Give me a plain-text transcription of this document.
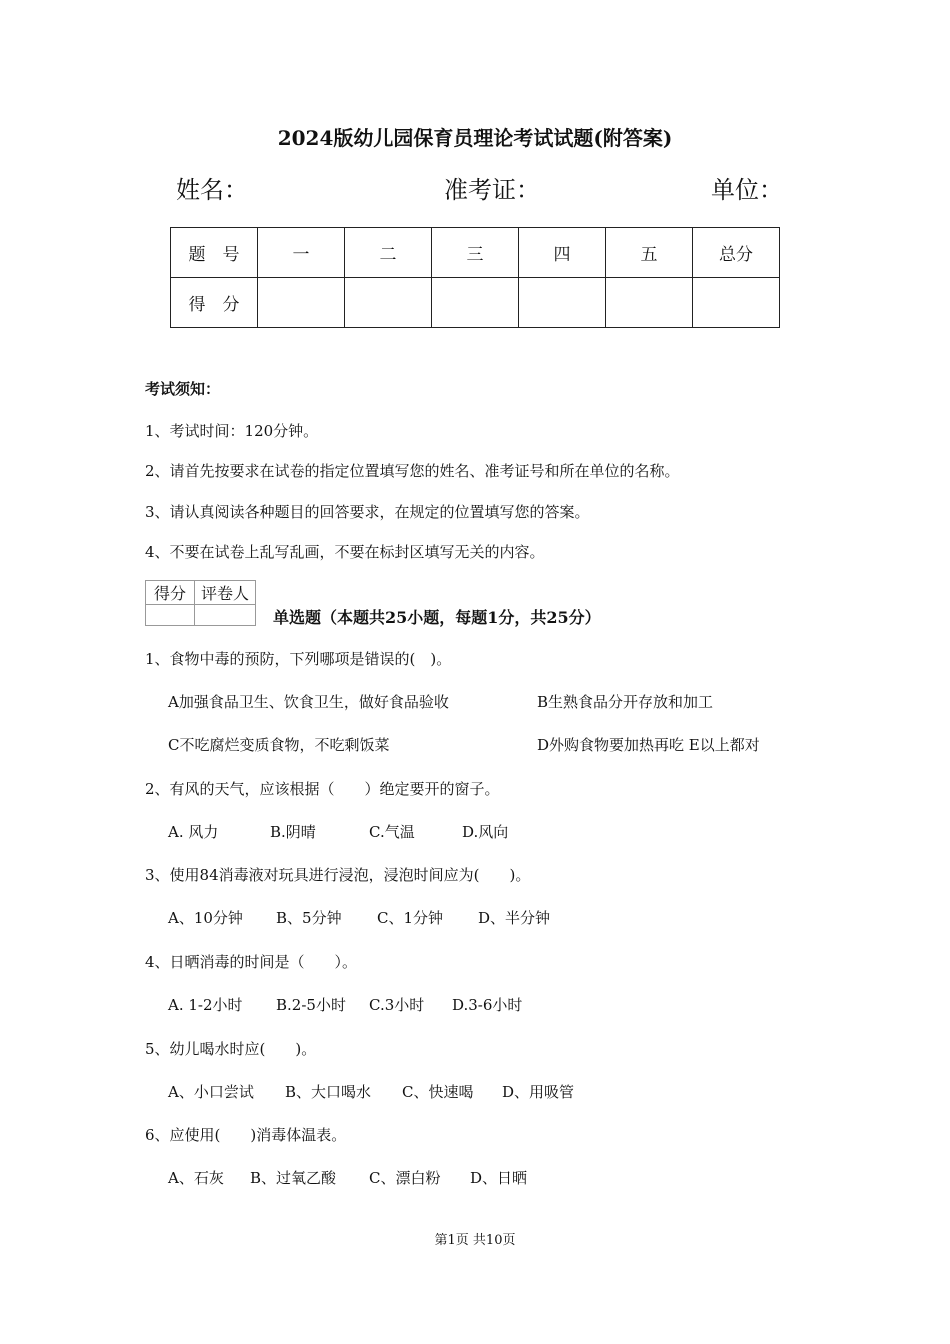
2024版幼儿园保育员理论考试试题(附答案)
姓名：	准考证：	单位：
题　号	一	二	三	四	五	总分
得　分						
考试须知：
1、考试时间：120分钟。
2、请首先按要求在试卷的指定位置填写您的姓名、准考证号和所在单位的名称。
3、请认真阅读各种题目的回答要求，在规定的位置填写您的答案。
4、不要在试卷上乱写乱画，不要在标封区填写无关的内容。
得分	评卷人

单选题（本题共25小题，每题1分，共25分）
1、食物中毒的预防，下列哪项是错误的(　)。
A加强食品卫生、饮食卫生，做好食品验收	B生熟食品分开存放和加工
C不吃腐烂变质食物，不吃剩饭菜	D外购食物要加热再吃 E以上都对
2、有风的天气，应该根据（　　）绝定要开的窗子。
A. 风力	B.阴晴	C.气温	D.风向
3、使用84消毒液对玩具进行浸泡，浸泡时间应为(　　)。
A、10分钟 B、5分钟 C、1分钟 D、半分钟
4、日晒消毒的时间是（　　）。
A. 1-2小时 B.2-5小时 C.3小时 D.3-6小时
5、幼儿喝水时应(　　)。
A、小口尝试 B、大口喝水 C、快速喝 D、用吸管
6、应使用(　　)消毒体温表。
A、石灰 B、过氧乙酸 C、漂白粉 D、日晒
第1页 共10页
